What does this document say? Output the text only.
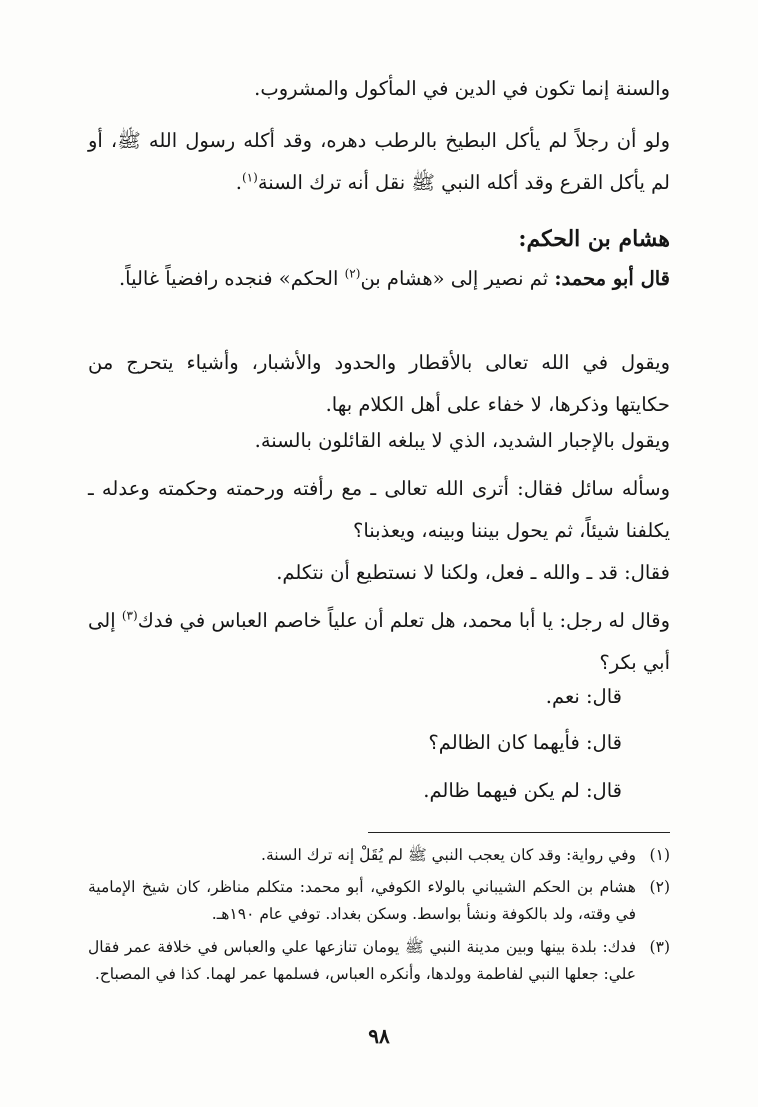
والسنة إنما تكون في الدين في المأكول والمشروب.

ولو أن رجلاً لم يأكل البطيخ بالرطب دهره، وقد أكله رسول الله ﷺ، أو لم يأكل القرع وقد أكله النبي ﷺ نقل أنه ترك السنة$^{(١)}$.

هشام بن الحكم:

قال أبو محمد: ثم نصير إلى «هشام بن$^{(٢)}$ الحكم» فنجده رافضياً غالياً.

ويقول في الله تعالى بالأقطار والحدود والأشبار، وأشياء يتحرج من حكايتها وذكرها، لا خفاء على أهل الكلام بها.

ويقول بالإجبار الشديد، الذي لا يبلغه القائلون بالسنة.

وسأله سائل فقال: أترى الله تعالى ـ مع رأفته ورحمته وحكمته وعدله ـ يكلفنا شيئاً، ثم يحول بيننا وبينه، ويعذبنا؟

فقال: قد ـ والله ـ فعل، ولكنا لا نستطيع أن نتكلم.

وقال له رجل: يا أبا محمد، هل تعلم أن علياً خاصم العباس في فدك$^{(٣)}$ إلى أبي بكر؟

قال: نعم.

قال: فأيهما كان الظالم؟

قال: لم يكن فيهما ظالم.

(١)
وفي رواية: وقد كان يعجب النبي ﷺ لم يُقَلْ إنه ترك السنة.
(٢)
هشام بن الحكم الشيباني بالولاء الكوفي، أبو محمد: متكلم مناظر، كان شيخ الإمامية في وقته، ولد بالكوفة ونشأ بواسط. وسكن بغداد. توفي عام ١٩٠هـ.
(٣)
فدك: بلدة بينها وبين مدينة النبي ﷺ يومان تنازعها علي والعباس في خلافة عمر فقال علي: جعلها النبي لفاطمة وولدها، وأنكره العباس، فسلمها عمر لهما. كذا في المصباح.
٩٨
